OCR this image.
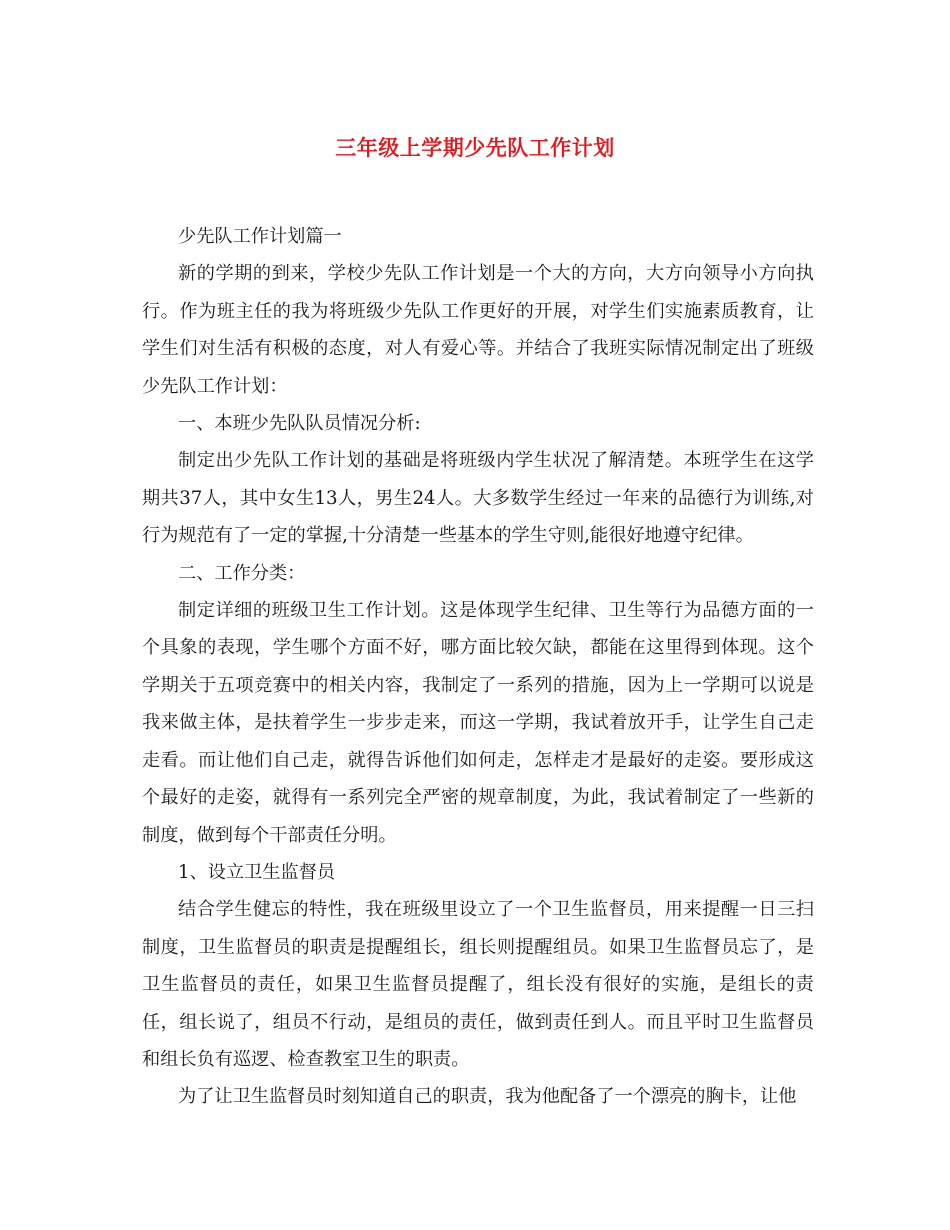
三年级上学期少先队工作计划

少先队工作计划篇一

新的学期的到来，学校少先队工作计划是一个大的方向，大方向领导小方向执行。作为班主任的我为将班级少先队工作更好的开展，对学生们实施素质教育，让学生们对生活有积极的态度，对人有爱心等。并结合了我班实际情况制定出了班级少先队工作计划：

一、本班少先队队员情况分析:

制定出少先队工作计划的基础是将班级内学生状况了解清楚。本班学生在这学期共37人，其中女生13人，男生24人。大多数学生经过一年来的品德行为训练,对行为规范有了一定的掌握,十分清楚一些基本的学生守则,能很好地遵守纪律。

二、工作分类：

制定详细的班级卫生工作计划。这是体现学生纪律、卫生等行为品德方面的一个具象的表现，学生哪个方面不好，哪方面比较欠缺，都能在这里得到体现。这个学期关于五项竞赛中的相关内容，我制定了一系列的措施，因为上一学期可以说是我来做主体，是扶着学生一步步走来，而这一学期，我试着放开手，让学生自己走走看。而让他们自己走，就得告诉他们如何走，怎样走才是最好的走姿。要形成这个最好的走姿，就得有一系列完全严密的规章制度，为此，我试着制定了一些新的制度，做到每个干部责任分明。

1、设立卫生监督员

结合学生健忘的特性，我在班级里设立了一个卫生监督员，用来提醒一日三扫制度，卫生监督员的职责是提醒组长，组长则提醒组员。如果卫生监督员忘了，是卫生监督员的责任，如果卫生监督员提醒了，组长没有很好的实施，是组长的责任，组长说了，组员不行动，是组员的责任，做到责任到人。而且平时卫生监督员和组长负有巡逻、检查教室卫生的职责。

为了让卫生监督员时刻知道自己的职责，我为他配备了一个漂亮的胸卡，让他
